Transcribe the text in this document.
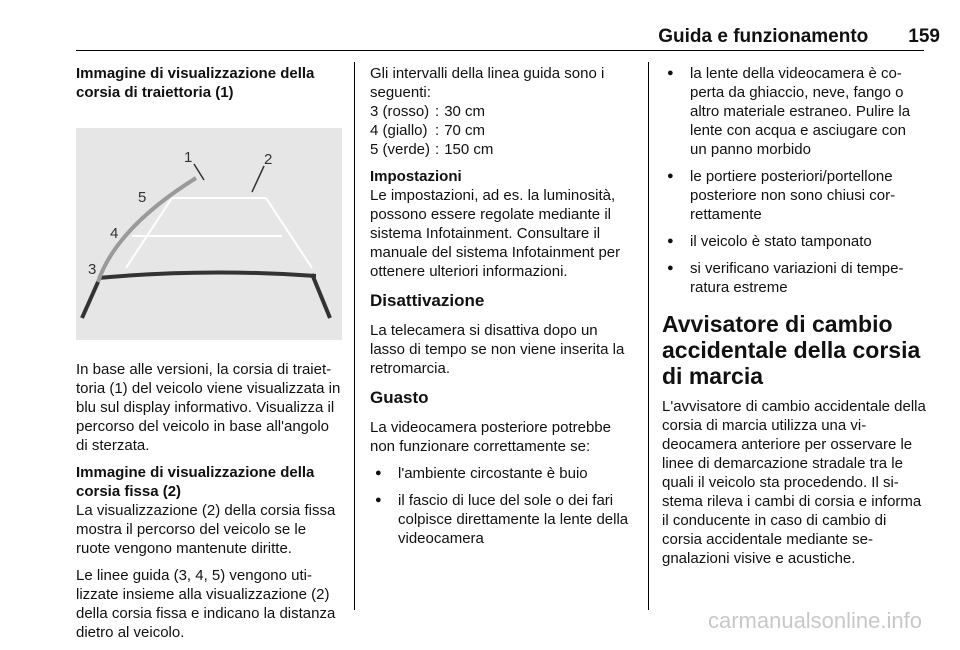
Guida e funzionamento 159

Immagine di visualizzazione della corsia di traiettoria (1)

1	2
3
4
5

In base alle versioni, la corsia di traiettoria (1) del veicolo viene visualizzata in blu sul display informativo. Visualizza il percorso del veicolo in base all'angolo di sterzata.

Immagine di visualizzazione della corsia fissa (2)

La visualizzazione (2) della corsia fissa mostra il percorso del veicolo se le ruote vengono mantenute diritte.

Le linee guida (3, 4, 5) vengono utilizzate insieme alla visualizzazione (2) della corsia fissa e indicano la distanza dietro al veicolo.

Gli intervalli della linea guida sono i seguenti:

3 (rosso)	:	30 cm
4 (giallo)	:	70 cm
5 (verde)	:	150 cm

Impostazioni

Le impostazioni, ad es. la luminosità, possono essere regolate mediante il sistema Infotainment. Consultare il manuale del sistema Infotainment per ottenere ulteriori informazioni.

Disattivazione

La telecamera si disattiva dopo un lasso di tempo se non viene inserita la retromarcia.

Guasto

La videocamera posteriore potrebbe non funzionare correttamente se:

● l'ambiente circostante è buio
● il fascio di luce del sole o dei fari colpisce direttamente la lente della videocamera
● la lente della videocamera è coperta da ghiaccio, neve, fango o altro materiale estraneo. Pulire la lente con acqua e asciugare con un panno morbido
● le portiere posteriori/portellone posteriore non sono chiusi correttamente
● il veicolo è stato tamponato
● si verificano variazioni di temperatura estreme
Avvisatore di cambio accidentale della corsia di marcia

L'avvisatore di cambio accidentale della corsia di marcia utilizza una videocamera anteriore per osservare le linee di demarcazione stradale tra le quali il veicolo sta procedendo. Il sistema rileva i cambi di corsia e informa il conducente in caso di cambio di corsia accidentale mediante segnalazioni visive e acustiche.

carmanualsonline.info
